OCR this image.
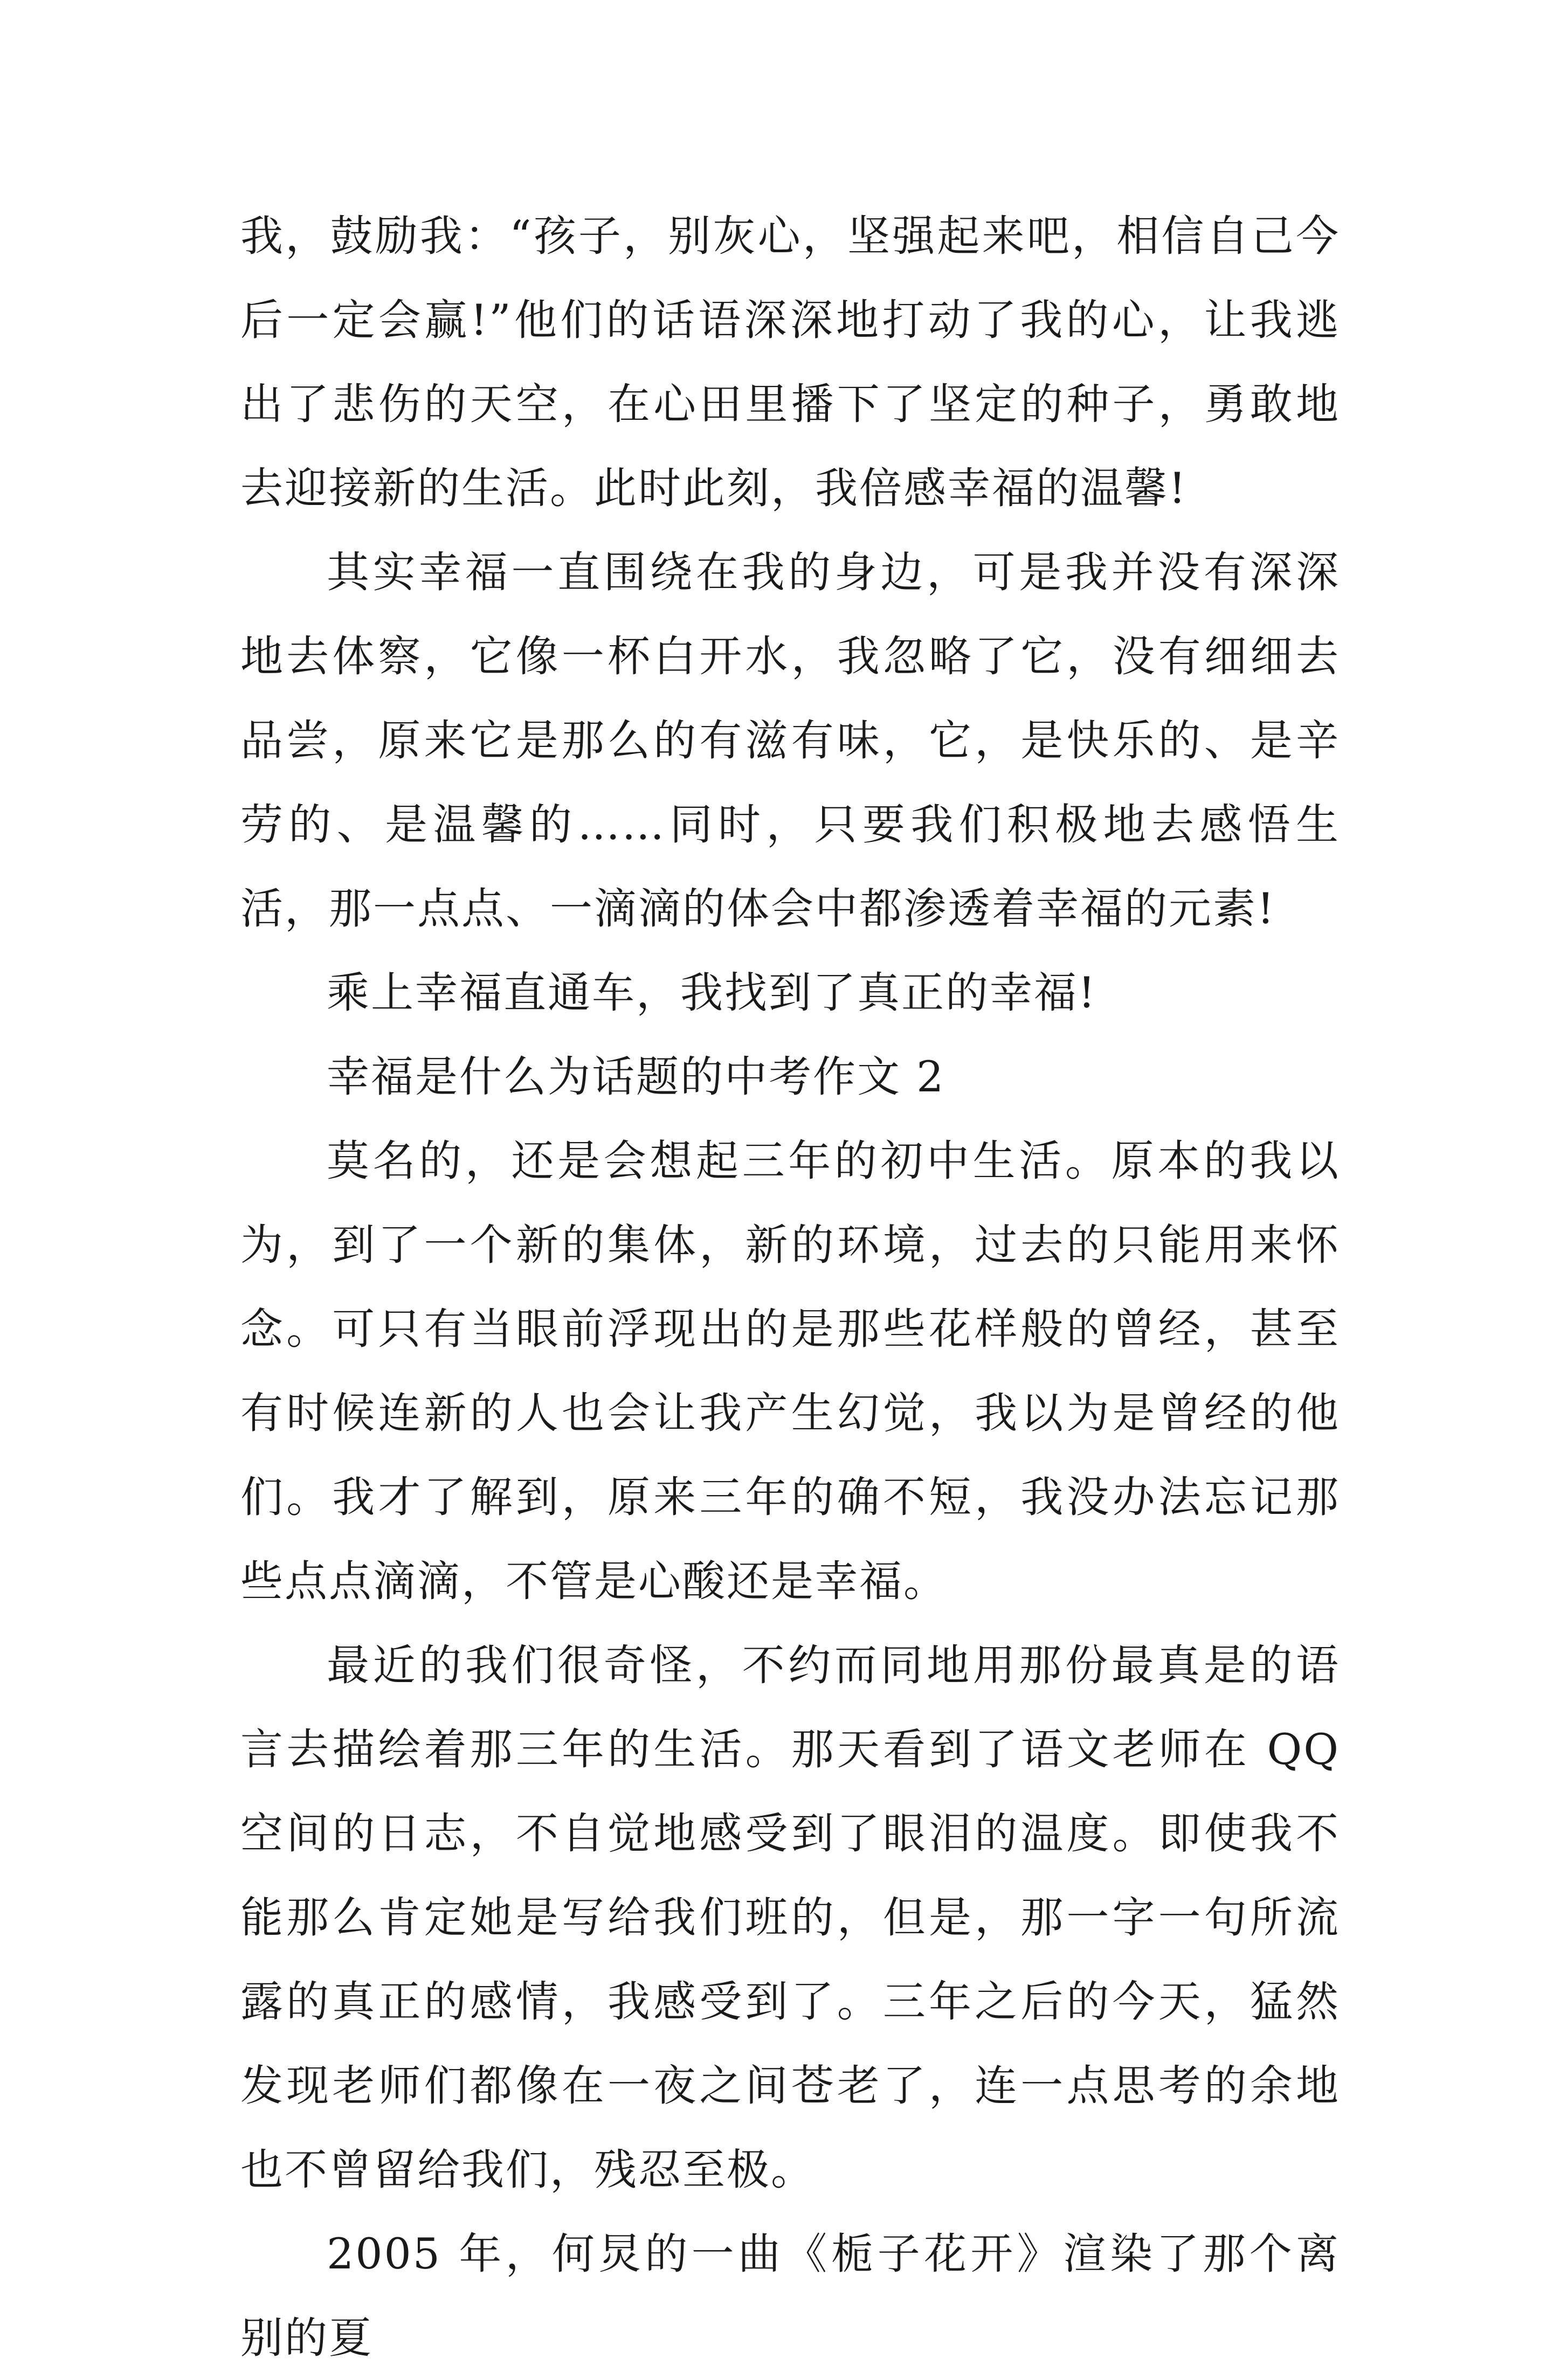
我，鼓励我：“孩子，别灰心，坚强起来吧，相信自己今后一定会赢!”他们的话语深深地打动了我的心，让我逃出了悲伤的天空，在心田里播下了坚定的种子，勇敢地去迎接新的生活。此时此刻，我倍感幸福的温馨!

其实幸福一直围绕在我的身边，可是我并没有深深地去体察，它像一杯白开水，我忽略了它，没有细细去品尝，原来它是那么的有滋有味，它，是快乐的、是辛劳的、是温馨的……同时，只要我们积极地去感悟生活，那一点点、一滴滴的体会中都渗透着幸福的元素!

乘上幸福直通车，我找到了真正的幸福!

幸福是什么为话题的中考作文 2

莫名的，还是会想起三年的初中生活。原本的我以为，到了一个新的集体，新的环境，过去的只能用来怀念。可只有当眼前浮现出的是那些花样般的曾经，甚至有时候连新的人也会让我产生幻觉，我以为是曾经的他们。我才了解到，原来三年的确不短，我没办法忘记那些点点滴滴，不管是心酸还是幸福。

最近的我们很奇怪，不约而同地用那份最真是的语言去描绘着那三年的生活。那天看到了语文老师在 QQ 空间的日志，不自觉地感受到了眼泪的温度。即使我不能那么肯定她是写给我们班的，但是，那一字一句所流露的真正的感情，我感受到了。三年之后的今天，猛然发现老师们都像在一夜之间苍老了，连一点思考的余地也不曾留给我们，残忍至极。

2005 年，何炅的一曲《栀子花开》渲染了那个离别的夏
